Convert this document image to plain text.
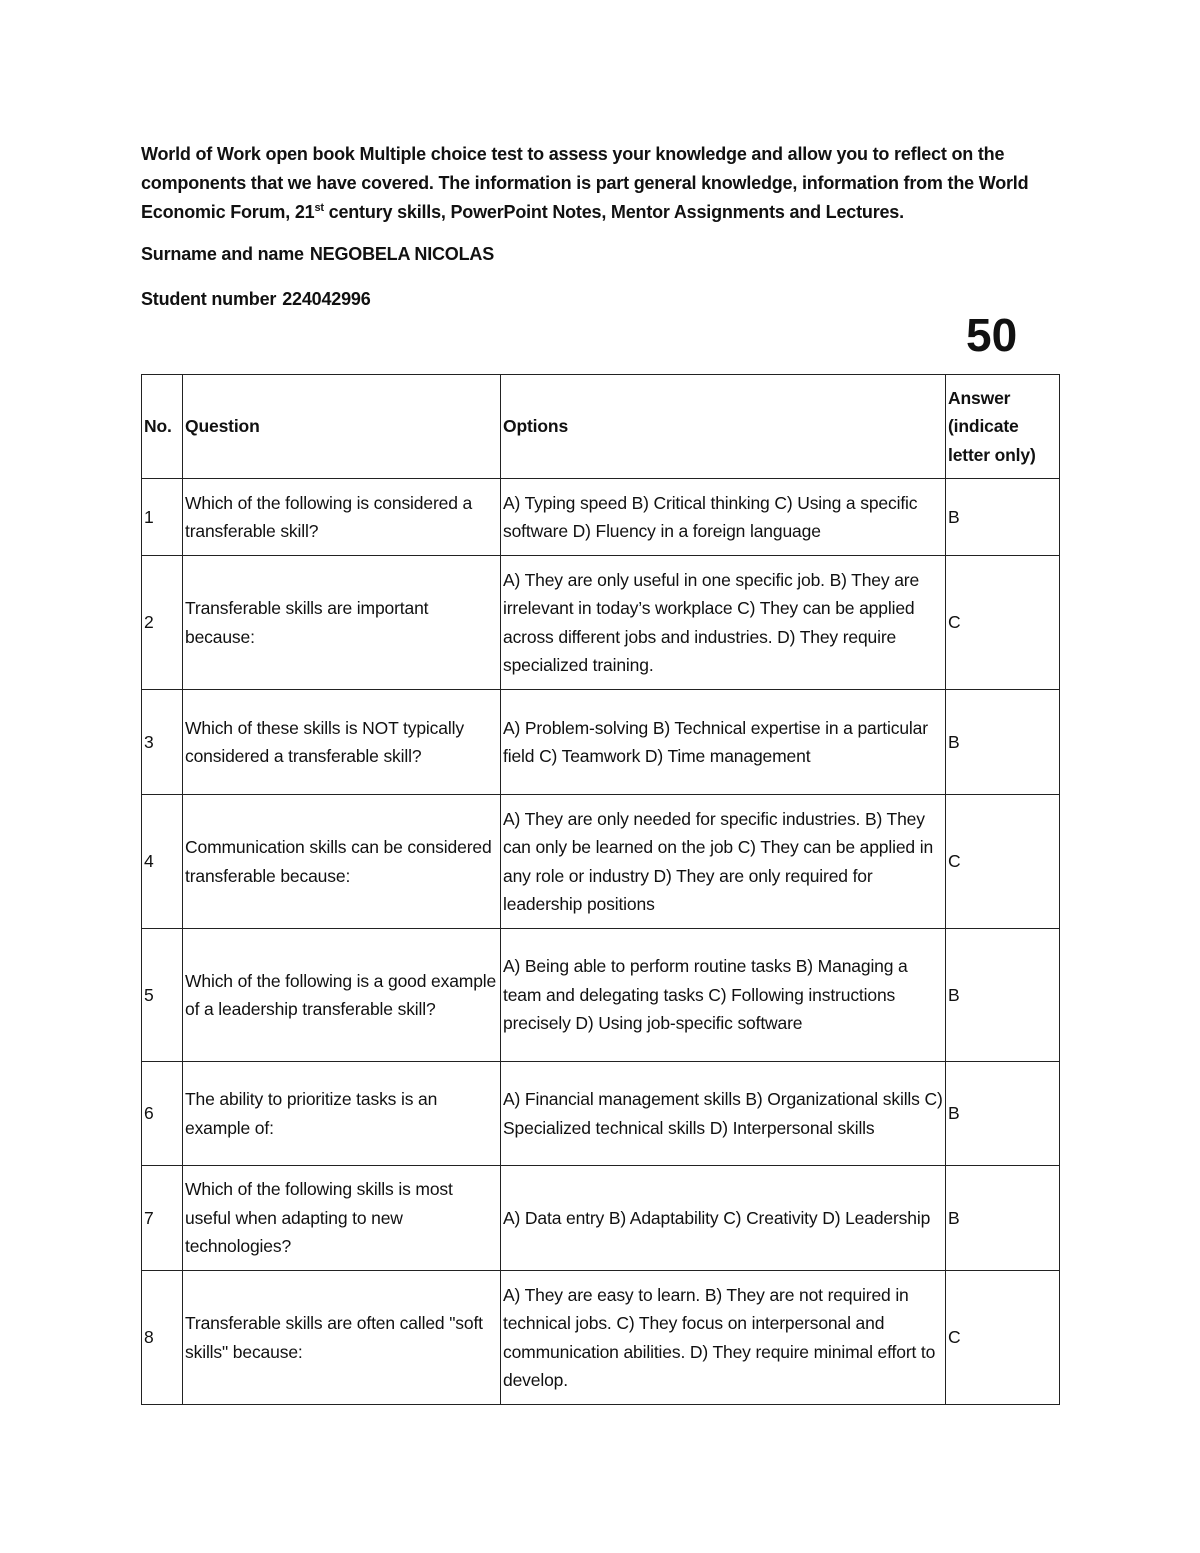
World of Work open book Multiple choice test to assess your knowledge and allow you to reflect on the components that we have covered. The information is part general knowledge, information from the World Economic Forum, 21st century skills, PowerPoint Notes, Mentor Assignments and Lectures.
Surname and name NEGOBELA NICOLAS
Student number 224042996
50
No.	Question	Options	Answer (indicate letter only)
1	Which of the following is considered a transferable skill?	A) Typing speed B) Critical thinking C) Using a specific software D) Fluency in a foreign language	B
2	Transferable skills are important because:	A) They are only useful in one specific job. B) They are irrelevant in today’s workplace C) They can be applied across different jobs and industries. D) They require specialized training.	C
3	Which of these skills is NOT typically considered a transferable skill?	A) Problem-solving B) Technical expertise in a particular field C) Teamwork D) Time management	B
4	Communication skills can be considered transferable because:	A) They are only needed for specific industries. B) They can only be learned on the job C) They can be applied in any role or industry D) They are only required for leadership positions	C
5	Which of the following is a good example of a leadership transferable skill?	A) Being able to perform routine tasks B) Managing a team and delegating tasks C) Following instructions precisely D) Using job-specific software	B
6	The ability to prioritize tasks is an example of:	A) Financial management skills B) Organizational skills C) Specialized technical skills D) Interpersonal skills	B
7	Which of the following skills is most useful when adapting to new technologies?	A) Data entry B) Adaptability C) Creativity D) Leadership	B
8	Transferable skills are often called "soft skills" because:	A) They are easy to learn. B) They are not required in technical jobs. C) They focus on interpersonal and communication abilities. D) They require minimal effort to develop.	C
